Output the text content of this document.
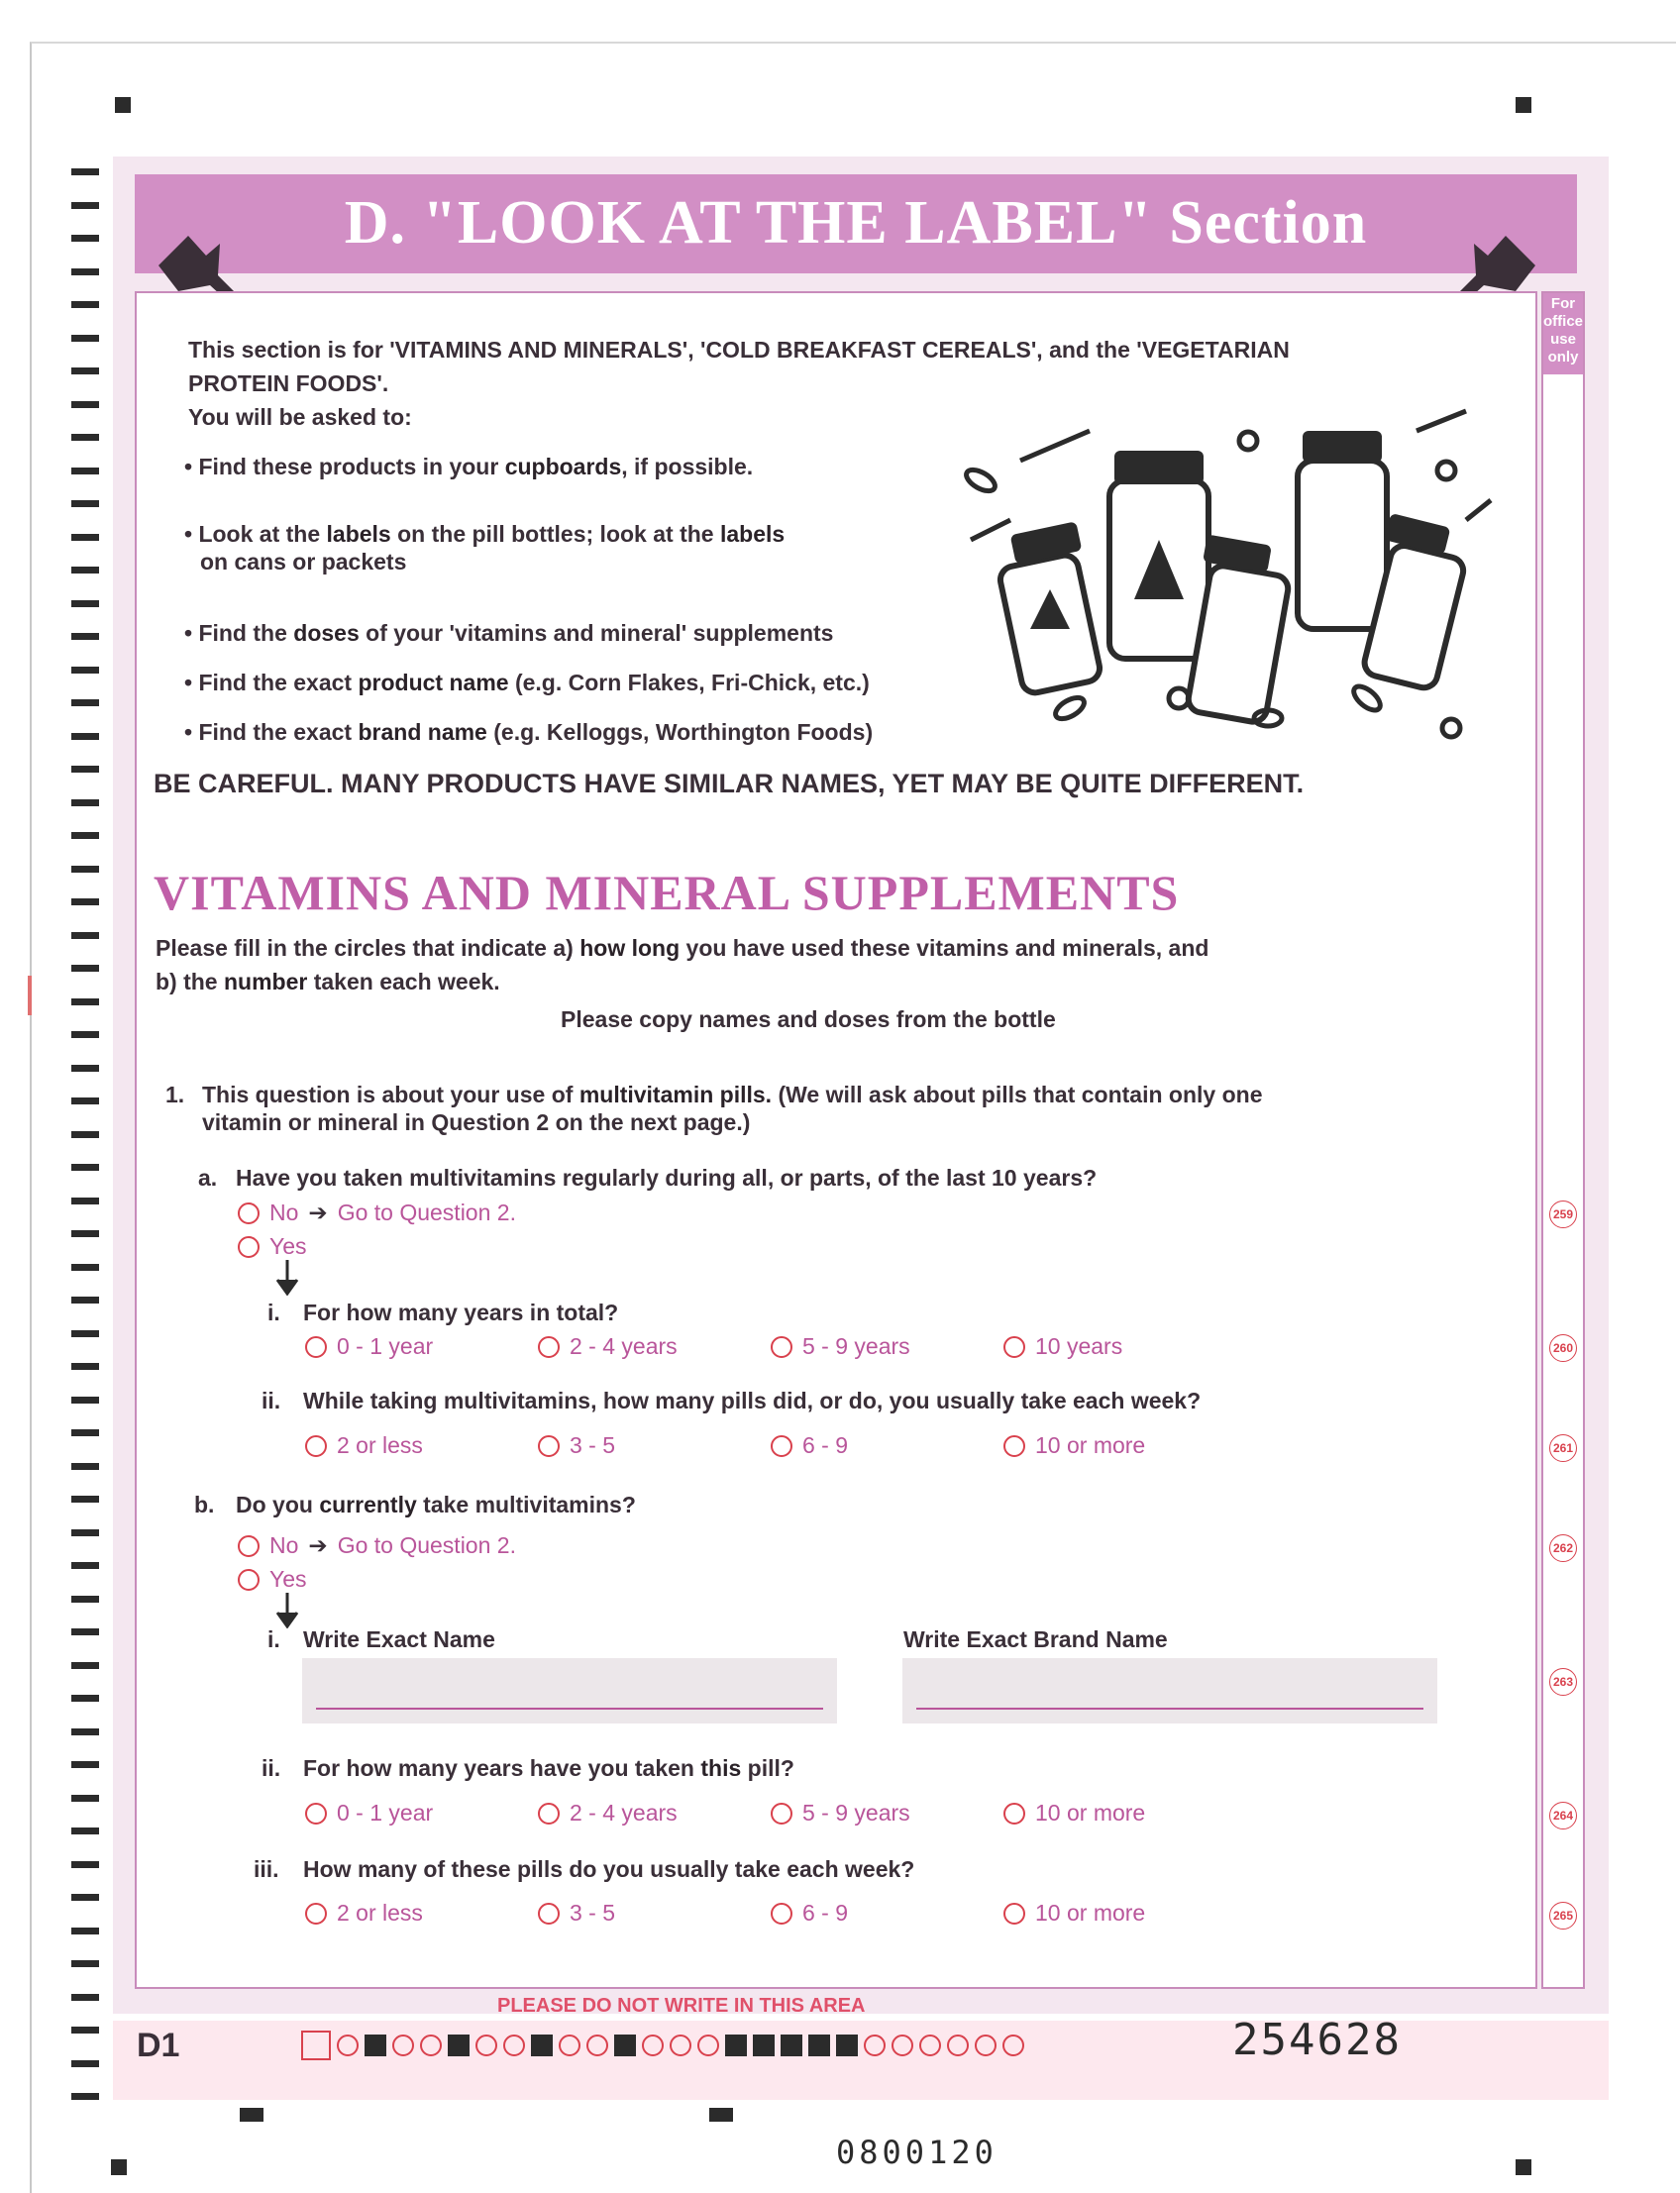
D. "LOOK AT THE LABEL" Section
For
office
use
only
259
260
261
262
263
264
265
This section is for 'VITAMINS AND MINERALS', 'COLD BREAKFAST CEREALS', and the 'VEGETARIAN
PROTEIN FOODS'.
You will be asked to:
• Find these products in your cupboards, if possible.
• Look at the labels on the pill bottles; look at the labels
on cans or packets
• Find the doses of your 'vitamins and mineral' supplements
• Find the exact product name (e.g. Corn Flakes, Fri-Chick, etc.)
• Find the exact brand name (e.g. Kelloggs, Worthington Foods)
BE CAREFUL. MANY PRODUCTS HAVE SIMILAR NAMES, YET MAY BE QUITE DIFFERENT.
VITAMINS AND MINERAL SUPPLEMENTS
Please fill in the circles that indicate a) how long you have used these vitamins and minerals, and
b) the number taken each week.
Please copy names and doses from the bottle
1. This question is about your use of multivitamin pills. (We will ask about pills that contain only one
vitamin or mineral in Question 2 on the next page.)
a. Have you taken multivitamins regularly during all, or parts, of the last 10 years?
No ➔ Go to Question 2.
Yes
i. For how many years in total?
0 - 1 year	2 - 4 years	5 - 9 years	10 years
ii. While taking multivitamins, how many pills did, or do, you usually take each week?
2 or less	3 - 5	6 - 9	10 or more
b. Do you currently take multivitamins?
No ➔ Go to Question 2.
Yes
i. Write Exact Name	Write Exact Brand Name
ii. For how many years have you taken this pill?
0 - 1 year	2 - 4 years	5 - 9 years	10 or more
iii. How many of these pills do you usually take each week?
2 or less	3 - 5	6 - 9	10 or more
PLEASE DO NOT WRITE IN THIS AREA
D1	254628
0800120
